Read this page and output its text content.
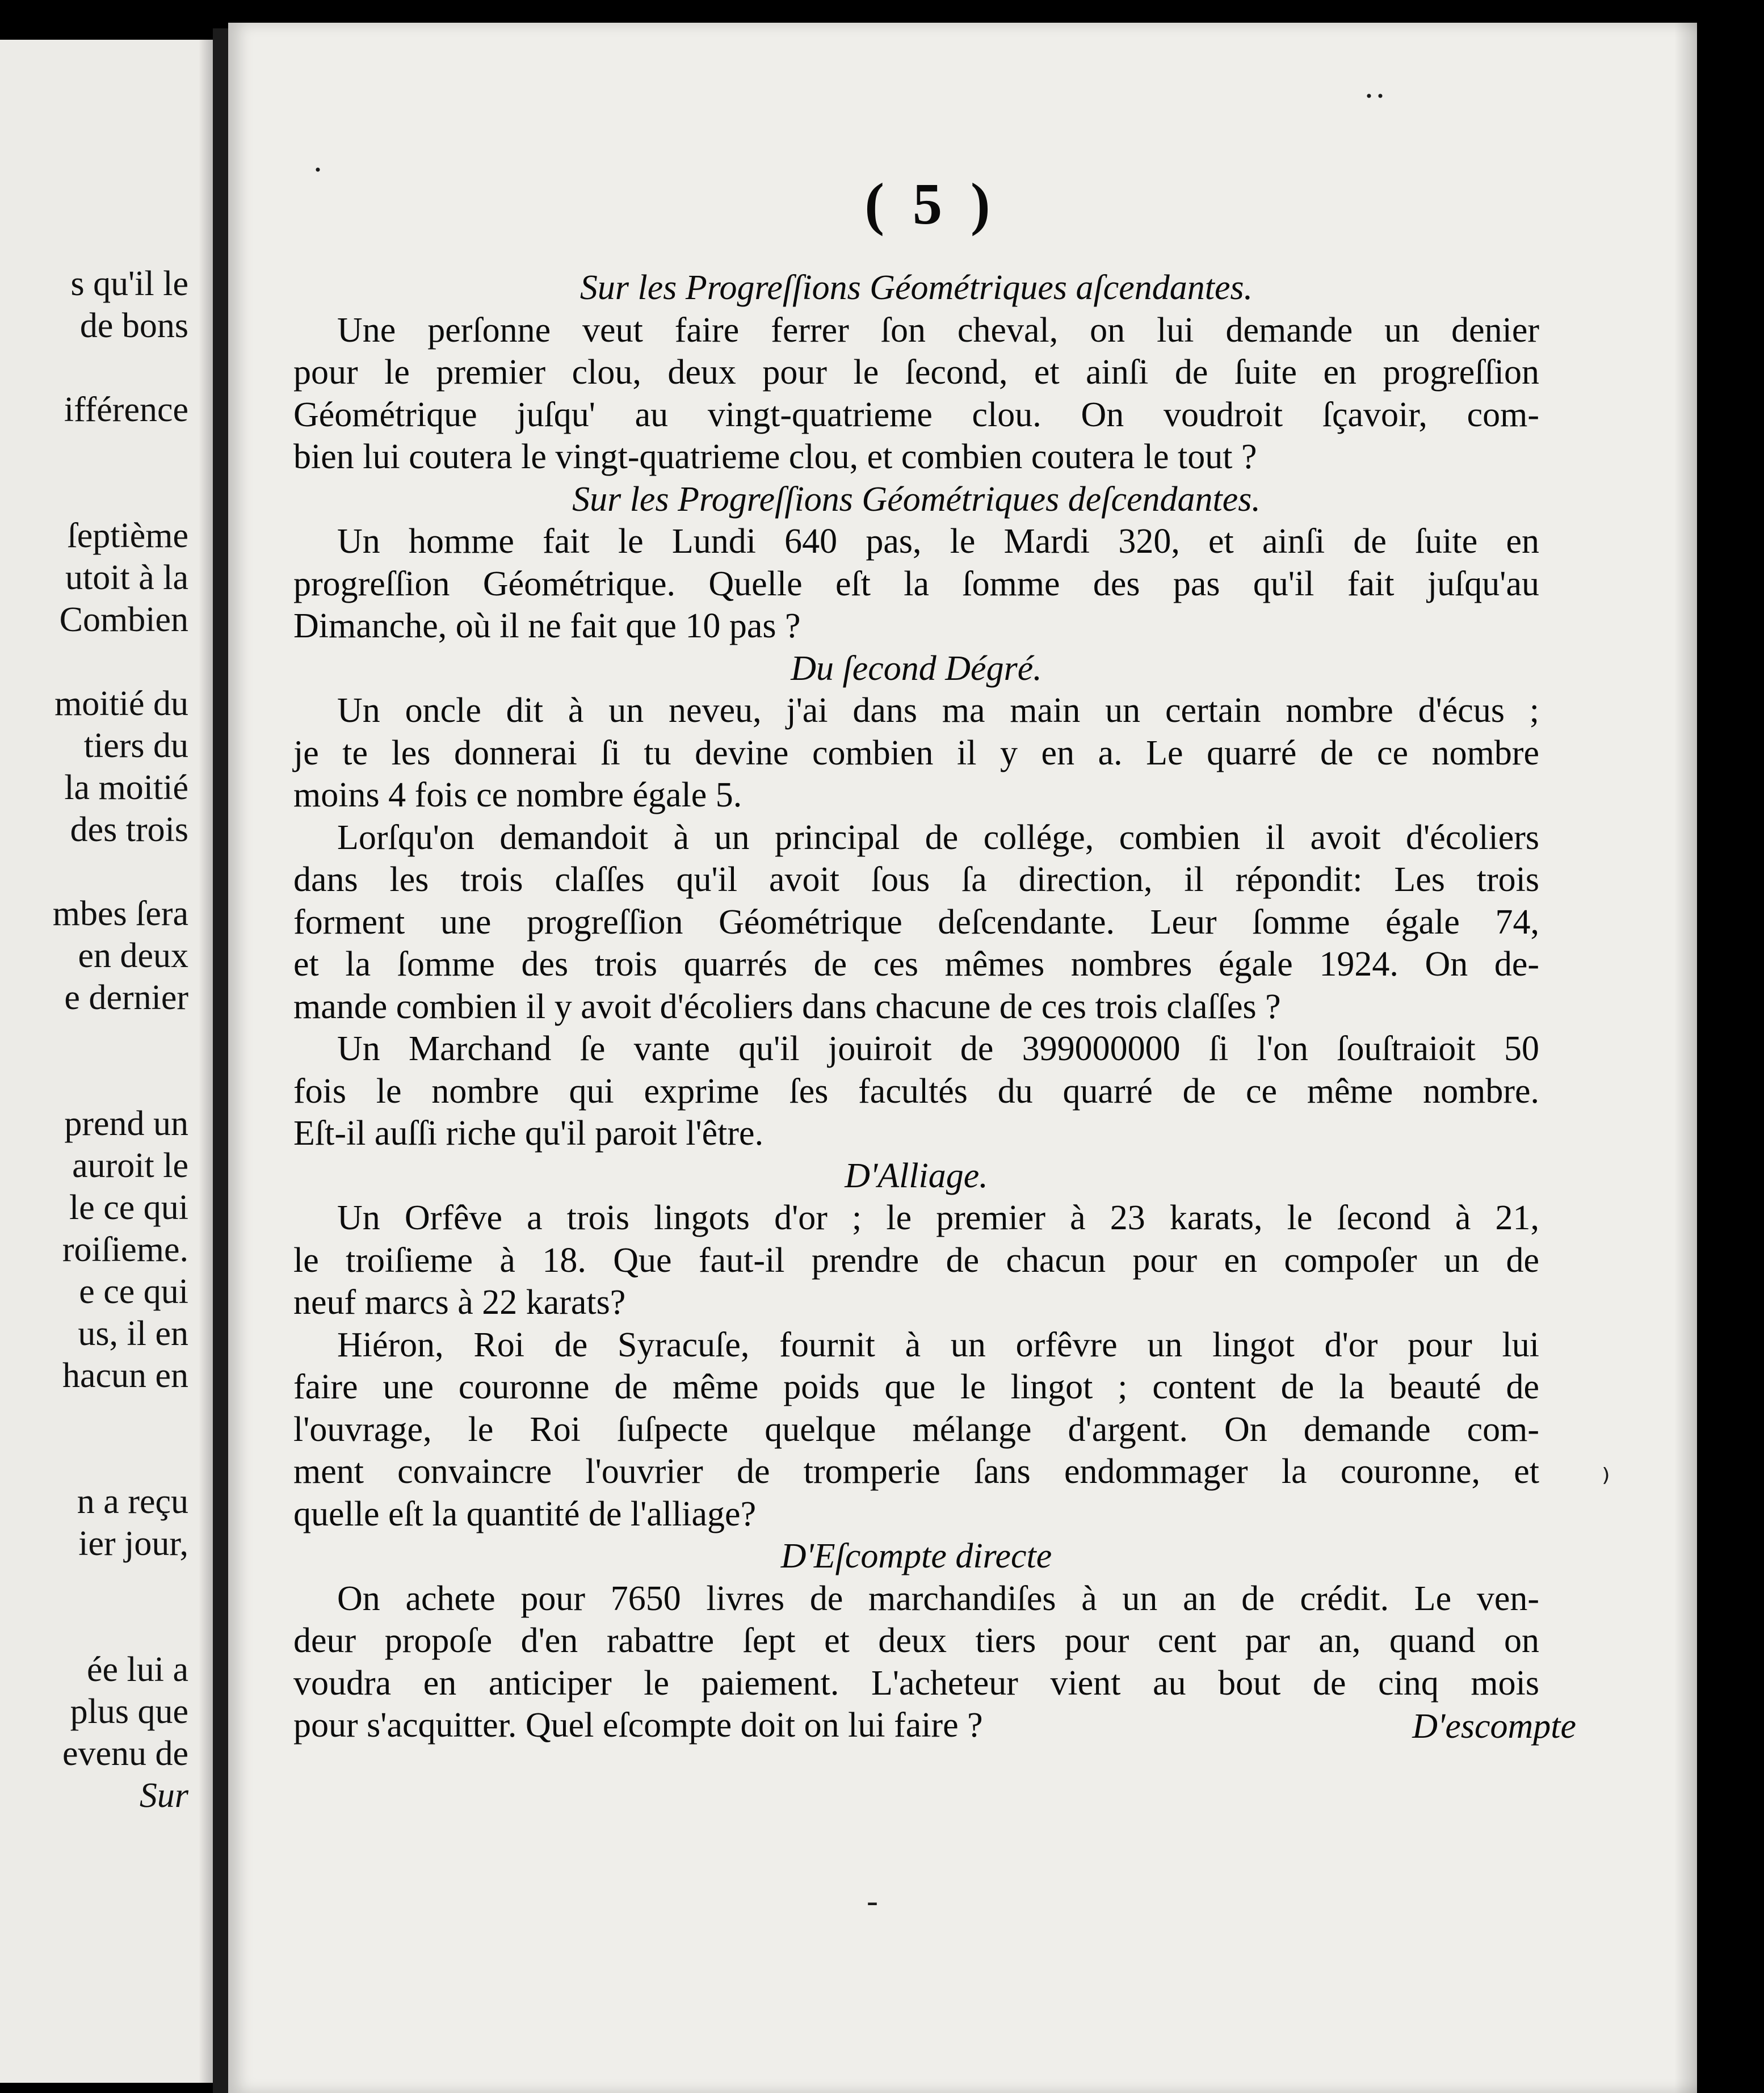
s qu'il le
de bons
ifférence
ſeptième
utoit à la
Combien
moitié du
tiers du
la moitié
des trois
mbes ſera
en deux
e dernier
prend un
auroit le
le ce qui
roiſieme.
e ce qui
us, il en
hacun en
n a reçu
ier jour,
ée lui a
plus que
evenu de
Sur
( 5 )
Sur les Progreſſions Géométriques aſcendantes.
Une perſonne veut faire ferrer ſon cheval, on lui demande un denier
pour le premier clou, deux pour le ſecond, et ainſi de ſuite en progreſſion
Géométrique juſqu' au vingt-quatrieme clou. On voudroit ſçavoir, com-
bien lui coutera le vingt-quatrieme clou, et combien coutera le tout ?
Sur les Progreſſions Géométriques deſcendantes.
Un homme fait le Lundi 640 pas, le Mardi 320, et ainſi de ſuite en
progreſſion Géométrique. Quelle eſt la ſomme des pas qu'il fait juſqu'au
Dimanche, où il ne fait que 10 pas ?
Du ſecond Dégré.
Un oncle dit à un neveu, j'ai dans ma main un certain nombre d'écus ;
je te les donnerai ſi tu devine combien il y en a. Le quarré de ce nombre
moins 4 fois ce nombre égale 5.
Lorſqu'on demandoit à un principal de collége, combien il avoit d'écoliers
dans les trois claſſes qu'il avoit ſous ſa direction, il répondit: Les trois
forment une progreſſion Géométrique deſcendante. Leur ſomme égale 74,
et la ſomme des trois quarrés de ces mêmes nombres égale 1924. On de-
mande combien il y avoit d'écoliers dans chacune de ces trois claſſes ?
Un Marchand ſe vante qu'il jouiroit de 399000000 ſi l'on ſouſtraioit 50
fois le nombre qui exprime ſes facultés du quarré de ce même nombre.
Eſt-il auſſi riche qu'il paroit l'être.
D'Alliage.
Un Orfêve a trois lingots d'or ; le premier à 23 karats, le ſecond à 21,
le troiſieme à 18. Que faut-il prendre de chacun pour en compoſer un de
neuf marcs à 22 karats?
Hiéron, Roi de Syracuſe, fournit à un orfêvre un lingot d'or pour lui
faire une couronne de même poids que le lingot ; content de la beauté de
l'ouvrage, le Roi ſuſpecte quelque mélange d'argent. On demande com-
ment convaincre l'ouvrier de tromperie ſans endommager la couronne, et
quelle eſt la quantité de l'alliage?
D'Eſcompte directe
On achete pour 7650 livres de marchandiſes à un an de crédit. Le ven-
deur propoſe d'en rabattre ſept et deux tiers pour cent par an, quand on
voudra en anticiper le paiement. L'acheteur vient au bout de cinq mois
pour s'acquitter. Quel eſcompte doit on lui faire ?	D'escompte
·
··
⁾
-
